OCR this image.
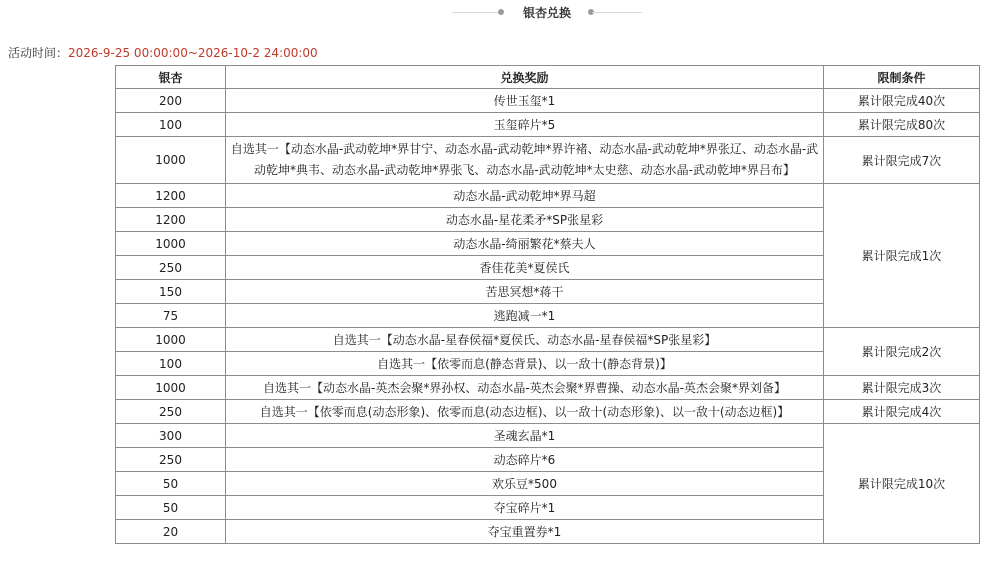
银杏兑换
活动时间：2026-9-25 00:00:00~2026-10-2 24:00:00
银杏	兑换奖励	限制条件
200	传世玉玺*1	累计限完成40次
100	玉玺碎片*5	累计限完成80次
1000	自选其一【动态水晶-武动乾坤*界甘宁、动态水晶-武动乾坤*界许褚、动态水晶-武动乾坤*界张辽、动态水晶-武动乾坤*典韦、动态水晶-武动乾坤*界张飞、动态水晶-武动乾坤*太史慈、动态水晶-武动乾坤*界吕布】	累计限完成7次
1200	动态水晶-武动乾坤*界马超	累计限完成1次
1200	动态水晶-星花柔矛*SP张星彩	
1000	动态水晶-绮丽繁花*蔡夫人	
250	香佳花美*夏侯氏	
150	苦思冥想*蒋干	
75	逃跑减一*1	
1000	自选其一【动态水晶-星春侯福*夏侯氏、动态水晶-星春侯福*SP张星彩】	累计限完成2次
100	自选其一【依零而息(静态背景)、以一敌十(静态背景)】	
1000	自选其一【动态水晶-英杰会聚*界孙权、动态水晶-英杰会聚*界曹操、动态水晶-英杰会聚*界刘备】	累计限完成3次
250	自选其一【依零而息(动态形象)、依零而息(动态边框)、以一敌十(动态形象)、以一敌十(动态边框)】	累计限完成4次
300	圣魂玄晶*1	累计限完成10次
250	动态碎片*6	
50	欢乐豆*500	
50	夺宝碎片*1	
20	夺宝重置券*1	
